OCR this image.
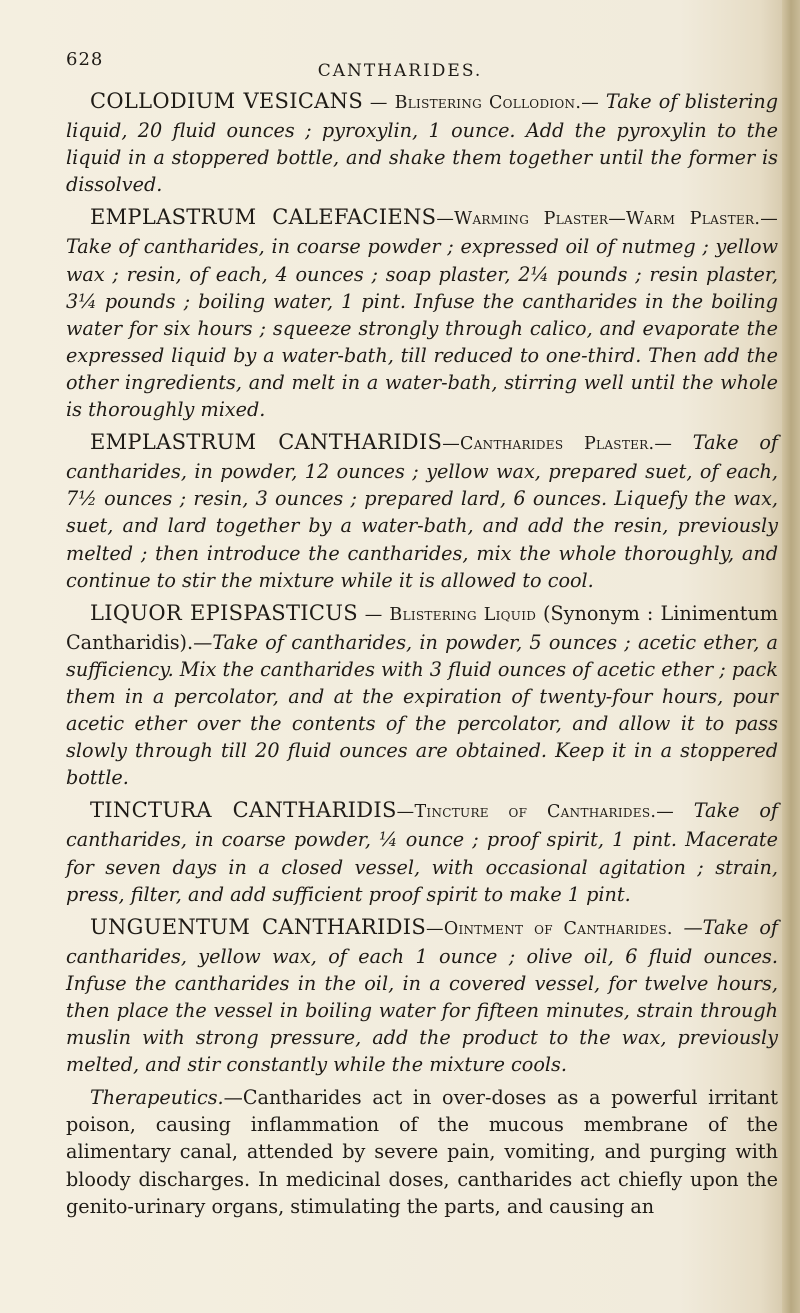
628
CANTHARIDES.

COLLODIUM VESICANS — Blistering Collodion.— Take of blistering liquid, 20 fluid ounces ; pyroxylin, 1 ounce. Add the pyroxylin to the liquid in a stoppered bottle, and shake them together until the former is dissolved.

EMPLASTRUM CALEFACIENS—Warming Plaster—Warm Plaster.—Take of cantharides, in coarse powder ; expressed oil of nutmeg ; yellow wax ; resin, of each, 4 ounces ; soap plaster, 2¼ pounds ; resin plaster, 3¼ pounds ; boiling water, 1 pint. Infuse the cantharides in the boiling water for six hours ; squeeze strongly through calico, and evaporate the expressed liquid by a water-bath, till reduced to one-third. Then add the other ingredients, and melt in a water-bath, stirring well until the whole is thoroughly mixed.

EMPLASTRUM CANTHARIDIS—Cantharides Plaster.— Take of cantharides, in powder, 12 ounces ; yellow wax, prepared suet, of each, 7½ ounces ; resin, 3 ounces ; prepared lard, 6 ounces. Liquefy the wax, suet, and lard together by a water-bath, and add the resin, previously melted ; then introduce the cantharides, mix the whole thoroughly, and continue to stir the mixture while it is allowed to cool.

LIQUOR EPISPASTICUS — Blistering Liquid (Synonym : Linimentum Cantharidis).—Take of cantharides, in powder, 5 ounces ; acetic ether, a sufficiency. Mix the cantharides with 3 fluid ounces of acetic ether ; pack them in a percolator, and at the expiration of twenty-four hours, pour acetic ether over the contents of the percolator, and allow it to pass slowly through till 20 fluid ounces are obtained. Keep it in a stoppered bottle.

TINCTURA CANTHARIDIS—Tincture of Cantharides.— Take of cantharides, in coarse powder, ¼ ounce ; proof spirit, 1 pint. Macerate for seven days in a closed vessel, with occasional agitation ; strain, press, filter, and add sufficient proof spirit to make 1 pint.

UNGUENTUM CANTHARIDIS—Ointment of Cantharides. —Take of cantharides, yellow wax, of each 1 ounce ; olive oil, 6 fluid ounces. Infuse the cantharides in the oil, in a covered vessel, for twelve hours, then place the vessel in boiling water for fifteen minutes, strain through muslin with strong pressure, add the product to the wax, previously melted, and stir constantly while the mixture cools.

Therapeutics.—Cantharides act in over-doses as a powerful irritant poison, causing inflammation of the mucous membrane of the alimentary canal, attended by severe pain, vomiting, and purging with bloody discharges. In medicinal doses, cantharides act chiefly upon the genito-urinary organs, stimulating the parts, and causing an
